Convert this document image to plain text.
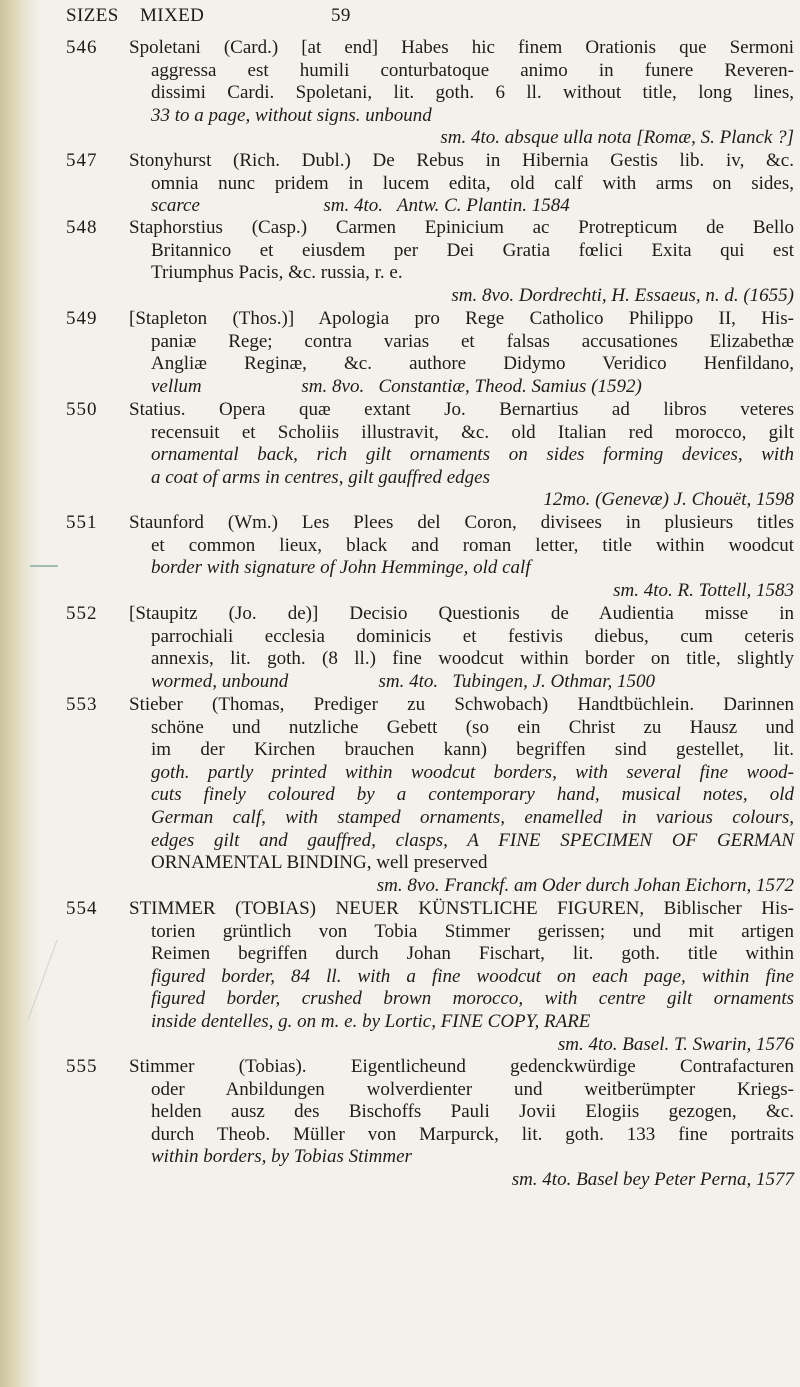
SIZES MIXED	59
546	Spoletani (Card.) [at end] Habes hic finem Orationis que Sermoni
aggressa est humili conturbatoque animo in funere Reveren-
dissimi Cardi. Spoletani, lit. goth. 6 ll. without title, long lines,
33 to a page, without signs. unbound
sm. 4to. absque ulla nota [Romæ, S. Planck ?]
547	Stonyhurst (Rich. Dubl.) De Rebus in Hibernia Gestis lib. iv, &c.
omnia nunc pridem in lucem edita, old calf with arms on sides,
scarce                          sm. 4to.   Antw. C. Plantin. 1584
548	Staphorstius (Casp.) Carmen Epinicium ac Protrepticum de Bello
Britannico et eiusdem per Dei Gratia fœlici Exita qui est
Triumphus Pacis, &c. russia, r. e.
sm. 8vo. Dordrechti, H. Essaeus, n. d. (1655)
549	[Stapleton (Thos.)] Apologia pro Rege Catholico Philippo II, His-
paniæ Rege; contra varias et falsas accusationes Elizabethæ
Angliæ Reginæ, &c. authore Didymo Veridico Henfildano,
vellum                     sm. 8vo.   Constantiæ, Theod. Samius (1592)
550	Statius. Opera quæ extant Jo. Bernartius ad libros veteres
recensuit et Scholiis illustravit, &c. old Italian red morocco, gilt
ornamental back, rich gilt ornaments on sides forming devices, with
a coat of arms in centres, gilt gauffred edges
12mo. (Genevæ) J. Chouët, 1598
551	Staunford (Wm.) Les Plees del Coron, divisees in plusieurs titles
et common lieux, black and roman letter, title within woodcut
border with signature of John Hemminge, old calf
sm. 4to. R. Tottell, 1583
552	[Staupitz (Jo. de)] Decisio Questionis de Audientia misse in
parrochiali ecclesia dominicis et festivis diebus, cum ceteris
annexis, lit. goth. (8 ll.) fine woodcut within border on title, slightly
wormed, unbound                   sm. 4to.   Tubingen, J. Othmar, 1500
553	Stieber (Thomas, Prediger zu Schwobach) Handtbüchlein. Darinnen
schöne und nutzliche Gebett (so ein Christ zu Hausz und
im der Kirchen brauchen kann) begriffen sind gestellet, lit.
goth. partly printed within woodcut borders, with several fine wood-
cuts finely coloured by a contemporary hand, musical notes, old
German calf, with stamped ornaments, enamelled in various colours,
edges gilt and gauffred, clasps, A FINE SPECIMEN OF GERMAN
ORNAMENTAL BINDING, well preserved
sm. 8vo. Franckf. am Oder durch Johan Eichorn, 1572
554	STIMMER (TOBIAS) NEUER KÜNSTLICHE FIGUREN, Biblischer His-
torien grüntlich von Tobia Stimmer gerissen; und mit artigen
Reimen begriffen durch Johan Fischart, lit. goth. title within
figured border, 84 ll. with a fine woodcut on each page, within fine
figured border, crushed brown morocco, with centre gilt ornaments
inside dentelles, g. on m. e. by Lortic, FINE COPY, RARE
sm. 4to. Basel. T. Swarin, 1576
555	Stimmer (Tobias). Eigentlicheund gedenckwürdige Contrafacturen
oder Anbildungen wolverdienter und weitberümpter Kriegs-
helden ausz des Bischoffs Pauli Jovii Elogiis gezogen, &c.
durch Theob. Müller von Marpurck, lit. goth. 133 fine portraits
within borders, by Tobias Stimmer
sm. 4to. Basel bey Peter Perna, 1577
